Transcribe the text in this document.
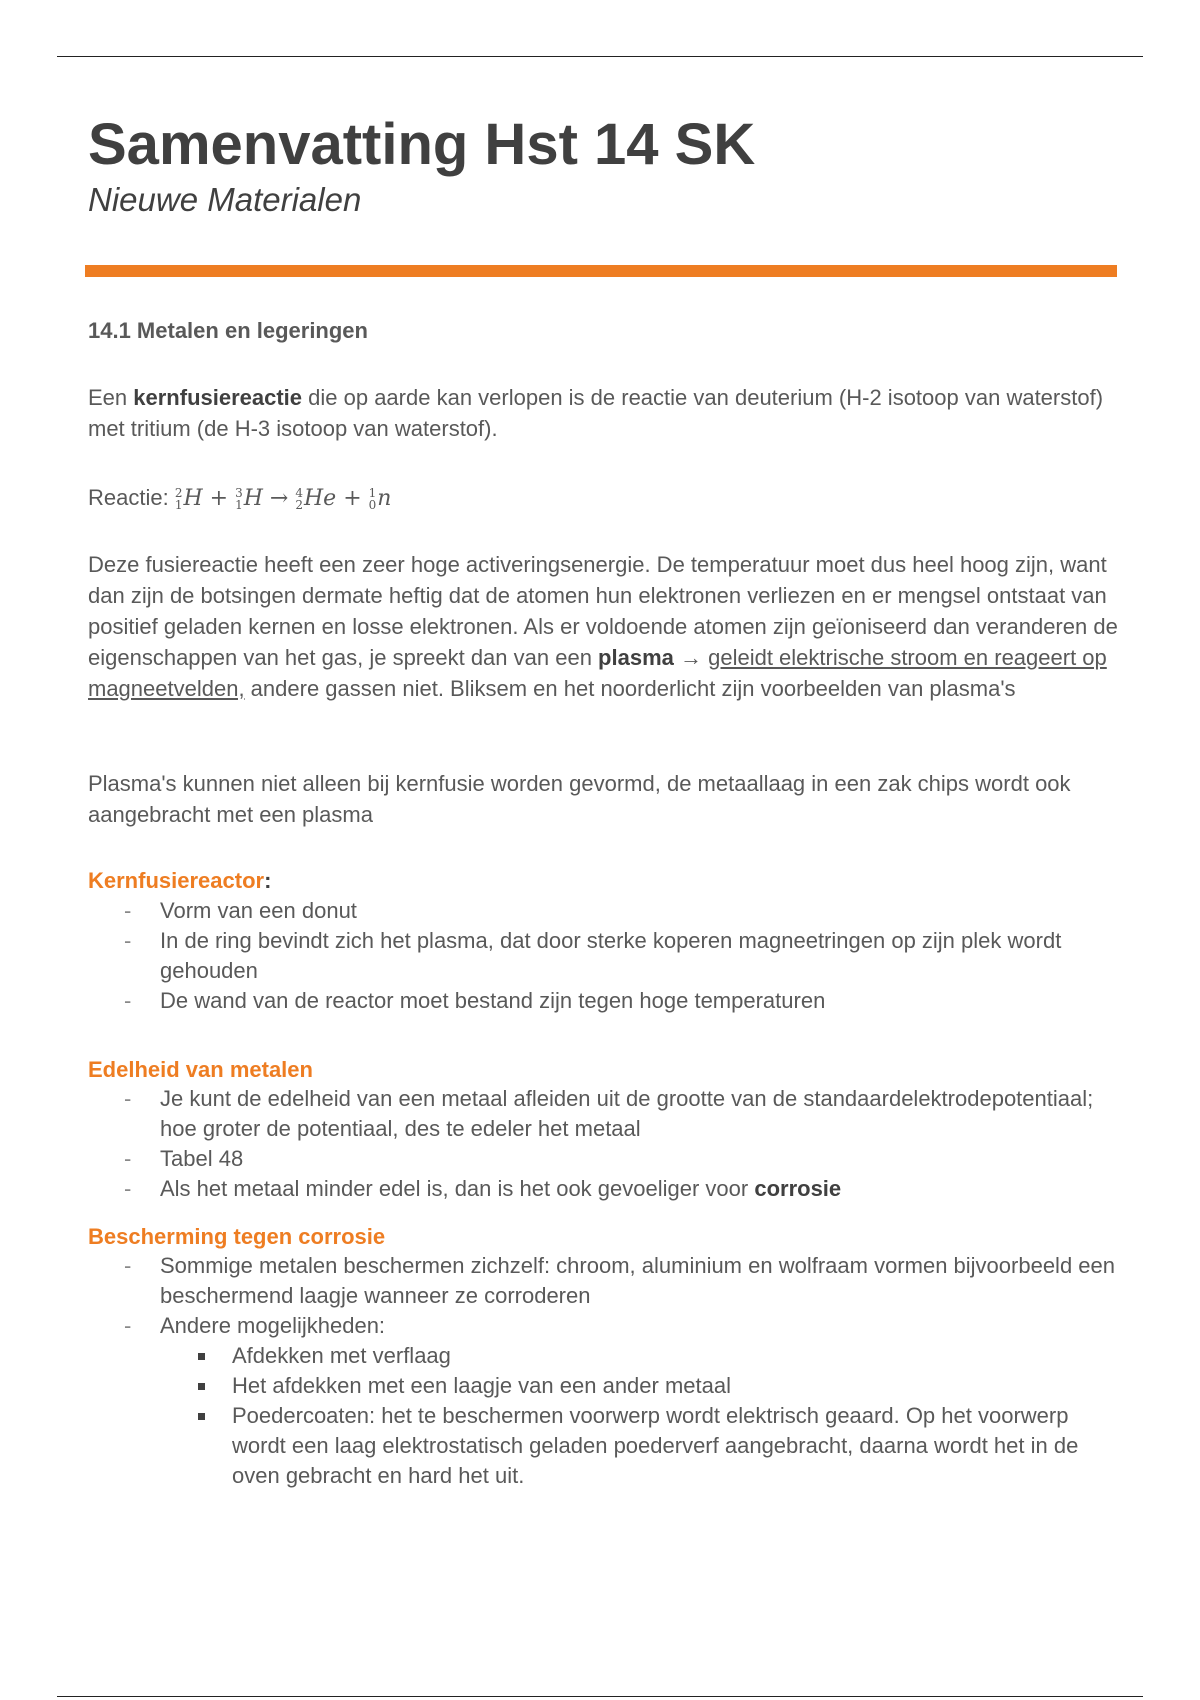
Samenvatting Hst 14 SK

Nieuwe Materialen

14.1 Metalen en legeringen
Een kernfusiereactie die op aarde kan verlopen is de reactie van deuterium (H-2 isotoop van waterstof) met tritium (de H-3 isotoop van waterstof).
Reactie: 2
1 H + 3
1 H → 4
2 He + 1
0 n
Deze fusiereactie heeft een zeer hoge activeringsenergie. De temperatuur moet dus heel hoog zijn, want dan zijn de botsingen dermate heftig dat de atomen hun elektronen verliezen en er mengsel ontstaat van positief geladen kernen en losse elektronen. Als er voldoende atomen zijn geïoniseerd dan veranderen de eigenschappen van het gas, je spreekt dan van een plasma → geleidt elektrische stroom en reageert op magneetvelden, andere gassen niet. Bliksem en het noorderlicht zijn voorbeelden van plasma's
Plasma's kunnen niet alleen bij kernfusie worden gevormd, de metaallaag in een zak chips wordt ook aangebracht met een plasma
Kernfusiereactor:
- Vorm van een donut
- In de ring bevindt zich het plasma, dat door sterke koperen magneetringen op zijn plek wordt gehouden
- De wand van de reactor moet bestand zijn tegen hoge temperaturen
Edelheid van metalen
- Je kunt de edelheid van een metaal afleiden uit de grootte van de standaardelektrodepotentiaal; hoe groter de potentiaal, des te edeler het metaal
- Tabel 48
- Als het metaal minder edel is, dan is het ook gevoeliger voor corrosie
Bescherming tegen corrosie
- Sommige metalen beschermen zichzelf: chroom, aluminium en wolfraam vormen bijvoorbeeld een beschermend laagje wanneer ze corroderen
- Andere mogelijkheden:
Afdekken met verflaag
Het afdekken met een laagje van een ander metaal
Poedercoaten: het te beschermen voorwerp wordt elektrisch geaard. Op het voorwerp wordt een laag elektrostatisch geladen poederverf aangebracht, daarna wordt het in de oven gebracht en hard het uit.
